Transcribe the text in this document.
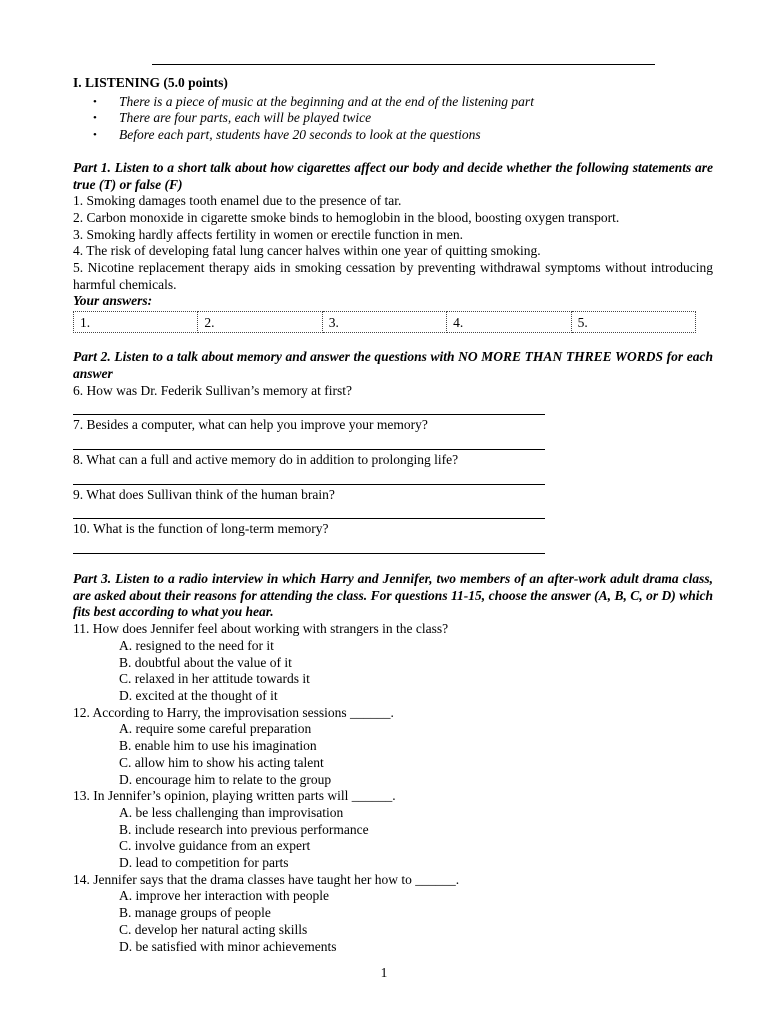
I. LISTENING (5.0 points)
• There is a piece of music at the beginning and at the end of the listening part
• There are four parts, each will be played twice
• Before each part, students have 20 seconds to look at the questions
Part 1. Listen to a short talk about how cigarettes affect our body and decide whether the following statements are true (T) or false (F)
1. Smoking damages tooth enamel due to the presence of tar.
2. Carbon monoxide in cigarette smoke binds to hemoglobin in the blood, boosting oxygen transport.
3. Smoking hardly affects fertility in women or erectile function in men.
4. The risk of developing fatal lung cancer halves within one year of quitting smoking.
5. Nicotine replacement therapy aids in smoking cessation by preventing withdrawal symptoms without introducing harmful chemicals.
Your answers:
1.	2.	3.	4.	5.
Part 2. Listen to a talk about memory and answer the questions with NO MORE THAN THREE WORDS for each answer
6. How was Dr. Federik Sullivan’s memory at first?
7. Besides a computer, what can help you improve your memory?
8. What can a full and active memory do in addition to prolonging life?
9. What does Sullivan think of the human brain?
10. What is the function of long-term memory?
Part 3. Listen to a radio interview in which Harry and Jennifer, two members of an after-work adult drama class, are asked about their reasons for attending the class. For questions 11-15, choose the answer (A, B, C, or D) which fits best according to what you hear.
11. How does Jennifer feel about working with strangers in the class?
A. resigned to the need for it
B. doubtful about the value of it
C. relaxed in her attitude towards it
D. excited at the thought of it
12. According to Harry, the improvisation sessions ______.
A. require some careful preparation
B. enable him to use his imagination
C. allow him to show his acting talent
D. encourage him to relate to the group
13. In Jennifer’s opinion, playing written parts will ______.
A. be less challenging than improvisation
B. include research into previous performance
C. involve guidance from an expert
D. lead to competition for parts
14. Jennifer says that the drama classes have taught her how to ______.
A. improve her interaction with people
B. manage groups of people
C. develop her natural acting skills
D. be satisfied with minor achievements
1
